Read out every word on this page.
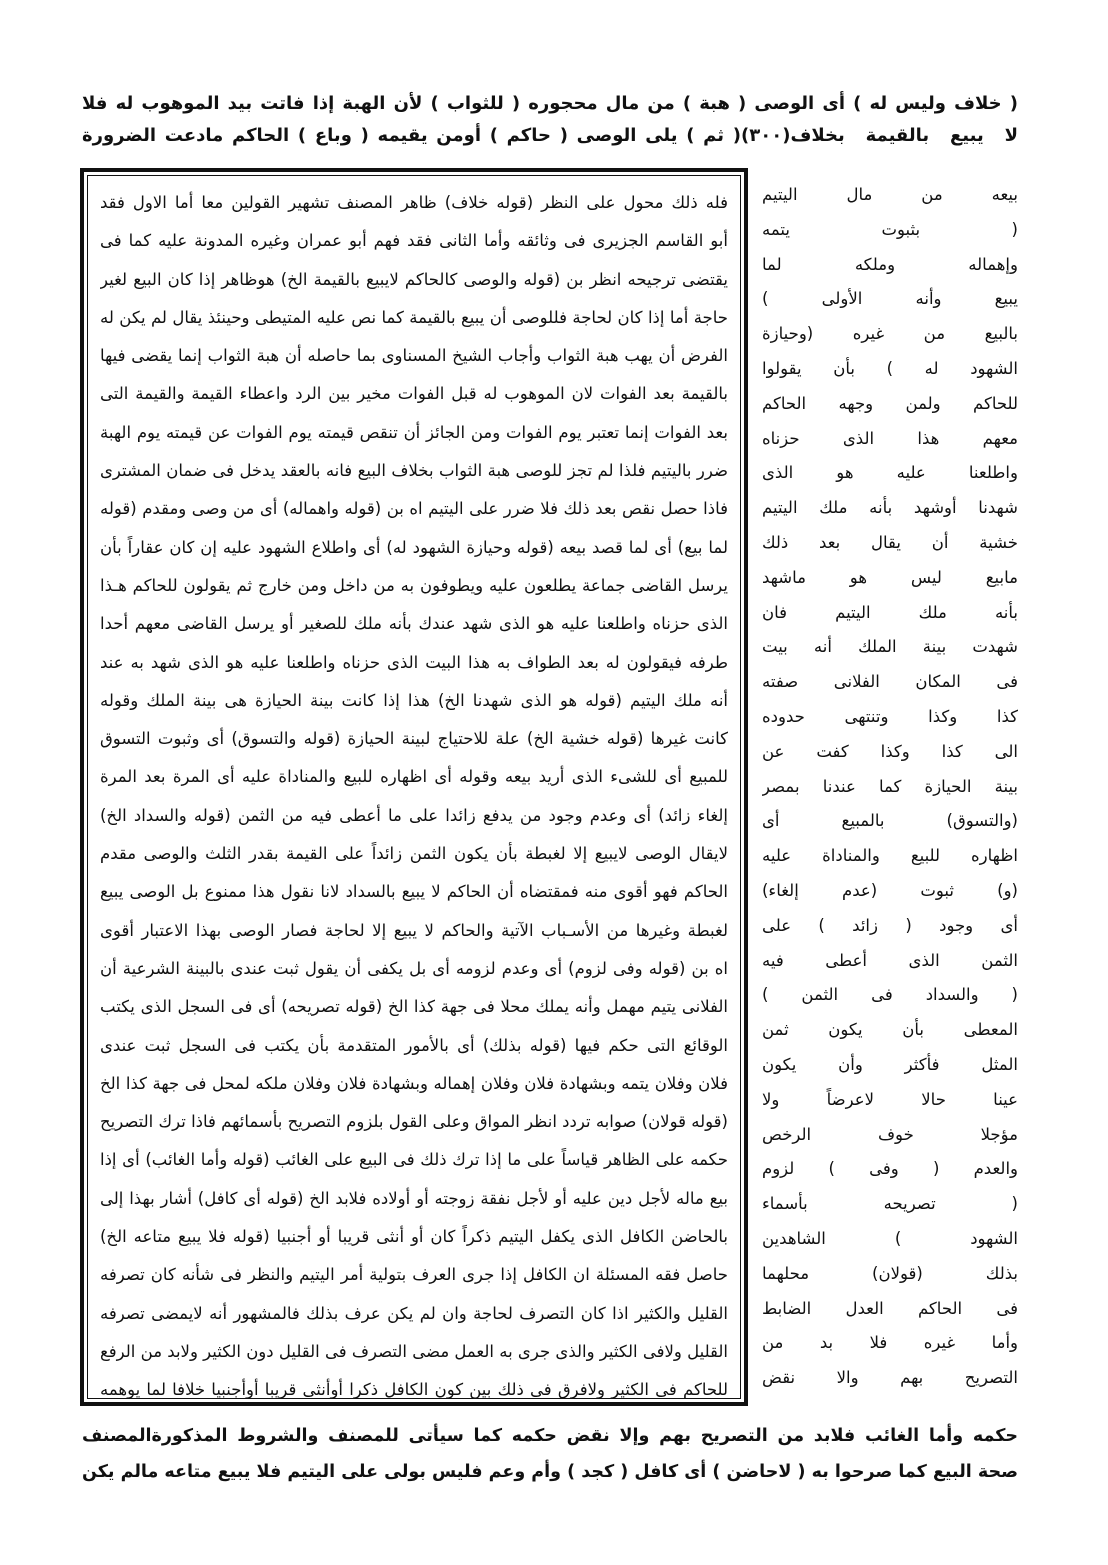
( خلاف وليس له ) أى الوصى ( هبة ) من مال محجوره ( للثواب ) لأن الهبة إذا فاتت بيد الموهوب له فلا
لا يبيع بالقيمة بخلاف
(٣٠٠)
( ثم ) يلى الوصى ( حاكم ) أومن يقيمه ( وباع ) الحاكم مادعت الضرورة
فله ذلك محول على النظر (قوله خلاف) ظاهر المصنف تشهير القولين معا أما الاول فقد
أبو القاسم الجزيرى فى وثائقه وأما الثانى فقد فهم أبو عمران وغيره المدونة عليه كما فى
يقتضى ترجيحه انظر بن (قوله والوصى كالحاكم لايبيع بالقيمة الخ) هوظاهر إذا كان البيع لغير
حاجة أما إذا كان لحاجة فللوصى أن يبيع بالقيمة كما نص عليه المتيطى وحينئذ يقال لم يكن له
الفرض أن يهب هبة الثواب وأجاب الشيخ المسناوى بما حاصله أن هبة الثواب إنما يقضى فيها
بالقيمة بعد الفوات لان الموهوب له قبل الفوات مخير بين الرد واعطاء القيمة والقيمة التى
بعد الفوات إنما تعتبر يوم الفوات ومن الجائز أن تنقص قيمته يوم الفوات عن قيمته يوم الهبة
ضرر باليتيم فلذا لم تجز للوصى هبة الثواب بخلاف البيع فانه بالعقد يدخل فى ضمان المشترى
فاذا حصل نقص بعد ذلك فلا ضرر على اليتيم اه بن (قوله واهماله) أى من وصى ومقدم (قوله
لما بيع) أى لما قصد بيعه (قوله وحيازة الشهود له) أى واطلاع الشهود عليه إن كان عقاراً بأن
يرسل القاضى جماعة يطلعون عليه ويطوفون به من داخل ومن خارج ثم يقولون للحاكم هـذا
الذى حزناه واطلعنا عليه هو الذى شهد عندك بأنه ملك للصغير أو يرسل القاضى معهم أحدا
طرفه فيقولون له بعد الطواف به هذا البيت الذى حزناه واطلعنا عليه هو الذى شهد به عند
أنه ملك اليتيم (قوله هو الذى شهدنا الخ) هذا إذا كانت بينة الحيازة هى بينة الملك وقوله
كانت غيرها (قوله خشية الخ) علة للاحتياج لبينة الحيازة (قوله والتسوق) أى وثبوت التسوق
للمبيع أى للشىء الذى أريد بيعه وقوله أى اظهاره للبيع والمناداة عليه أى المرة بعد المرة
إلغاء زائد) أى وعدم وجود من يدفع زائدا على ما أعطى فيه من الثمن (قوله والسداد الخ)
لايقال الوصى لايبيع إلا لغبطة بأن يكون الثمن زائداً على القيمة بقدر الثلث والوصى مقدم
الحاكم فهو أقوى منه فمقتضاه أن الحاكم لا يبيع بالسداد لانا نقول هذا ممنوع بل الوصى يبيع
لغبطة وغيرها من الأسـباب الآتية والحاكم لا يبيع إلا لحاجة فصار الوصى بهذا الاعتبار أقوى
اه بن (قوله وفى لزوم) أى وعدم لزومه أى بل يكفى أن يقول ثبت عندى بالبينة الشرعية أن
الفلانى يتيم مهمل وأنه يملك محلا فى جهة كذا الخ (قوله تصريحه) أى فى السجل الذى يكتب
الوقائع التى حكم فيها (قوله بذلك) أى بالأمور المتقدمة بأن يكتب فى السجل ثبت عندى
فلان وفلان يتمه وبشهادة فلان وفلان إهماله وبشهادة فلان وفلان ملكه لمحل فى جهة كذا الخ
(قوله قولان) صوابه تردد انظر المواق وعلى القول بلزوم التصريح بأسمائهم فاذا ترك التصريح
حكمه على الظاهر قياساً على ما إذا ترك ذلك فى البيع على الغائب (قوله وأما الغائب) أى إذا
بيع ماله لأجل دين عليه أو لأجل نفقة زوجته أو أولاده فلابد الخ (قوله أى كافل) أشار بهذا إلى
بالحاضن الكافل الذى يكفل اليتيم ذكراً كان أو أنثى قريبا أو أجنبيا (قوله فلا يبيع متاعه الخ)
حاصل فقه المسئلة ان الكافل إذا جرى العرف بتولية أمر اليتيم والنظر فى شأنه كان تصرفه
القليل والكثير اذا كان التصرف لحاجة وان لم يكن عرف بذلك فالمشهور أنه لايمضى تصرفه
القليل ولافى الكثير والذى جرى به العمل مضى التصرف فى القليل دون الكثير ولابد من الرفع
للحاكم فى الكثير ولافرق فى ذلك بين كون الكافل ذكرا أوأنثى قريبا أوأجنبيا خلافا لما يوهمه
بيعه من مال اليتيم
( بثبوت يتمه
وإهماله وملكه لما
يبيع وأنه الأولى )
بالبيع من غيره (وحيازة
الشهود له ) بأن يقولوا
للحاكم ولمن وجهه الحاكم
معهم هذا الذى حزناه
واطلعنا عليه هو الذى
شهدنا أوشهد بأنه ملك اليتيم
خشية أن يقال بعد ذلك
مابيع ليس هو ماشهد
بأنه ملك اليتيم فان
شهدت بينة الملك أنه بيت
فى المكان الفلانى صفته
كذا وكذا وتنتهى حدوده
الى كذا وكذا كفت عن
بينة الحيازة كما عندنا بمصر
(والتسوق) بالمبيع أى
اظهاره للبيع والمناداة عليه
(و) ثبوت (عدم إلغاء)
أى وجود ( زائد ) على
الثمن الذى أعطى فيه
( والسداد فى الثمن )
المعطى بأن يكون ثمن
المثل فأكثر وأن يكون
عينا حالا لاعرضاً ولا
مؤجلا خوف الرخص
والعدم ( وفى ) لزوم
( تصريحه بأسماء
الشهود ) الشاهدين
بذلك (قولان) محلهما
فى الحاكم العدل الضابط
وأما غيره فلا بد من
التصريح بهم والا نقض
حكمه وأما الغائب فلابد من التصريح بهم وإلا نقض حكمه كما سيأتى للمصنف والشروط المذكورة
المصنف
صحة البيع كما صرحوا به ( لاحاضن ) أى كافل ( كجد ) وأم وعم فليس بولى على اليتيم فلا يبيع متاعه مالم يكن
